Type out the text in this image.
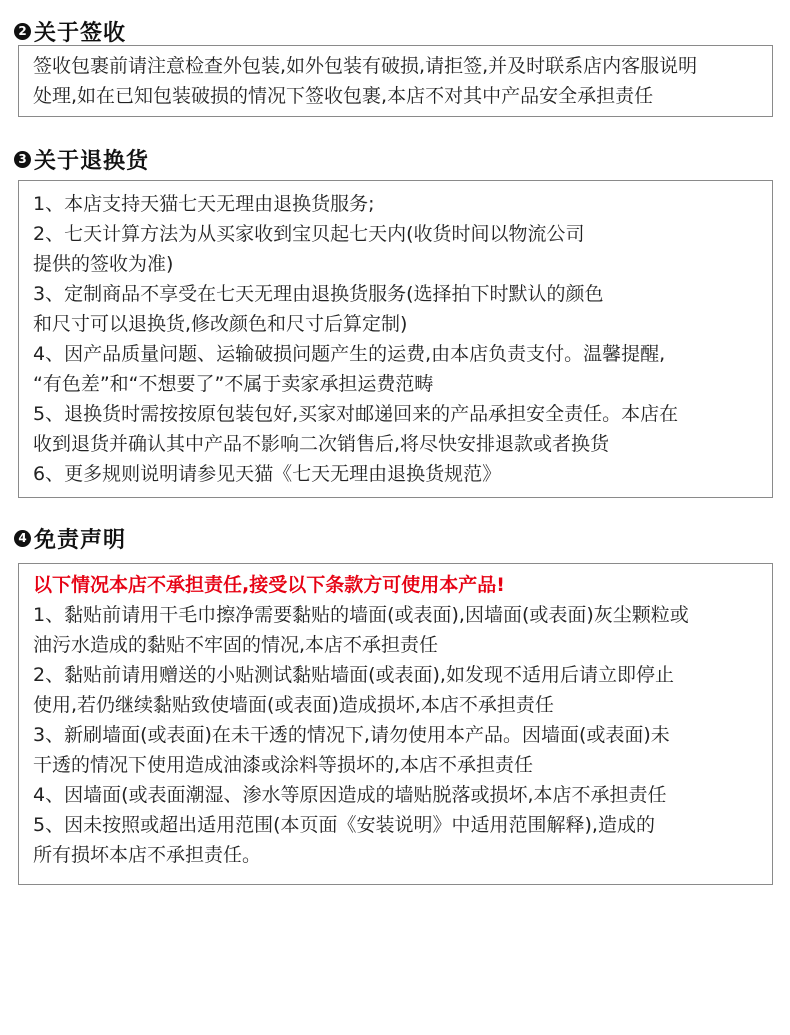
2 关于签收
签收包裹前请注意检查外包装,如外包装有破损,请拒签,并及时联系店内客服说明
处理,如在已知包装破损的情况下签收包裹,本店不对其中产品安全承担责任
3 关于退换货
1、本店支持天猫七天无理由退换货服务;
2、七天计算方法为从买家收到宝贝起七天内(收货时间以物流公司
提供的签收为准)
3、定制商品不享受在七天无理由退换货服务(选择拍下时默认的颜色
和尺寸可以退换货,修改颜色和尺寸后算定制)
4、因产品质量问题、运输破损问题产生的运费,由本店负责支付。温馨提醒,
“有色差”和“不想要了”不属于卖家承担运费范畴
5、退换货时需按按原包装包好,买家对邮递回来的产品承担安全责任。本店在
收到退货并确认其中产品不影响二次销售后,将尽快安排退款或者换货
6、更多规则说明请参见天猫《七天无理由退换货规范》
4 免责声明
以下情况本店不承担责任,接受以下条款方可使用本产品!
1、黏贴前请用干毛巾擦净需要黏贴的墙面(或表面),因墙面(或表面)灰尘颗粒或
油污水造成的黏贴不牢固的情况,本店不承担责任
2、黏贴前请用赠送的小贴测试黏贴墙面(或表面),如发现不适用后请立即停止
使用,若仍继续黏贴致使墙面(或表面)造成损坏,本店不承担责任
3、新刷墙面(或表面)在未干透的情况下,请勿使用本产品。因墙面(或表面)未
干透的情况下使用造成油漆或涂料等损坏的,本店不承担责任
4、因墙面(或表面潮湿、渗水等原因造成的墙贴脱落或损坏,本店不承担责任
5、因未按照或超出适用范围(本页面《安装说明》中适用范围解释),造成的
所有损坏本店不承担责任。
